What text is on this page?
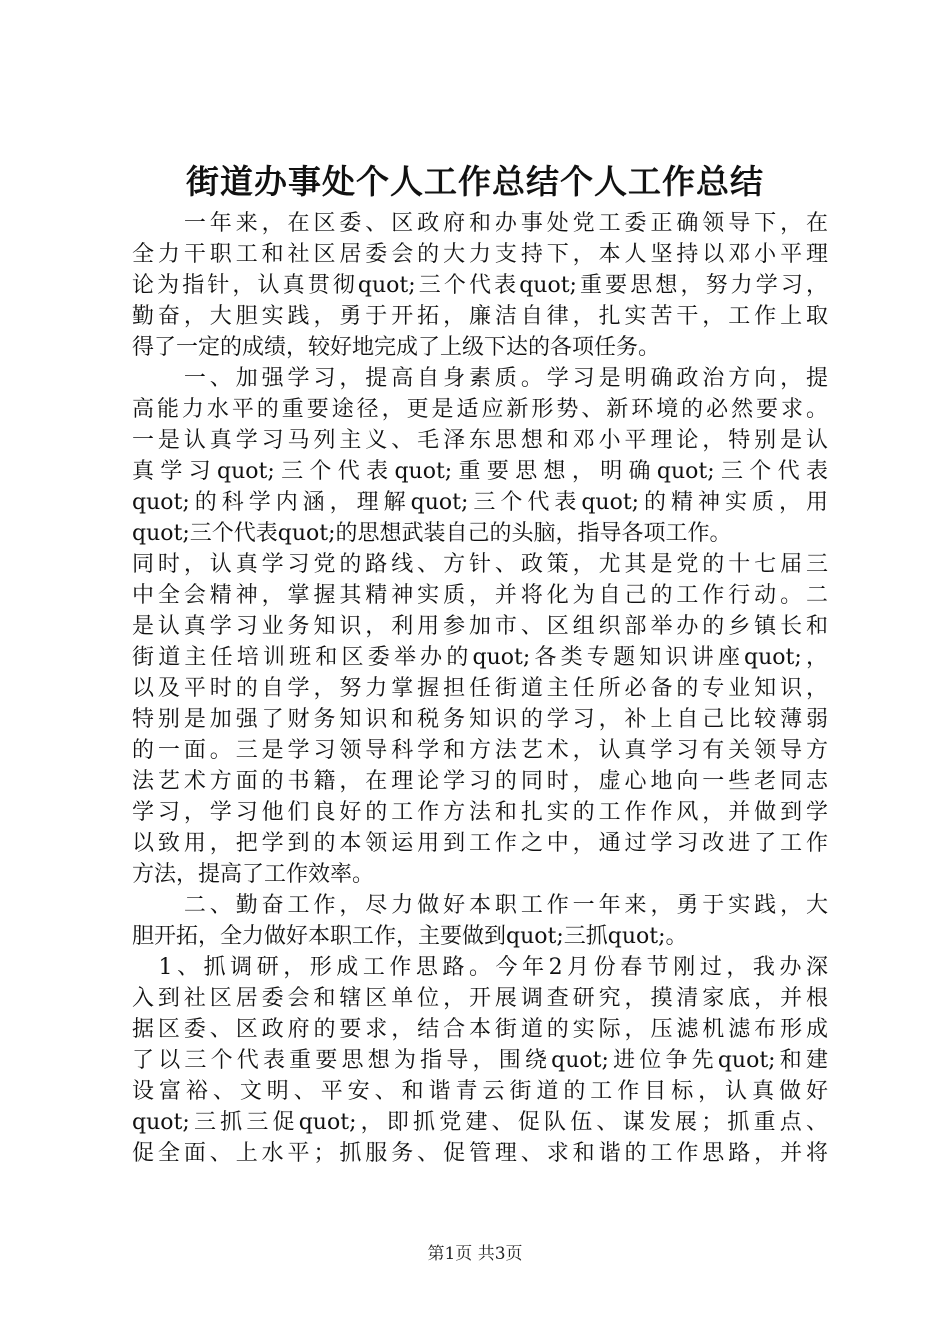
街道办事处个人工作总结个人工作总结
　　一年来，在区委、区政府和办事处党工委正确领导下，在
全力干职工和社区居委会的大力支持下，本人坚持以邓小平理
论为指针，认真贯彻quot;三个代表quot;重要思想，努力学习，
勤奋，大胆实践，勇于开拓，廉洁自律，扎实苦干，工作上取
得了一定的成绩，较好地完成了上级下达的各项任务。
　　一、加强学习，提高自身素质。学习是明确政治方向，提
高能力水平的重要途径，更是适应新形势、新环境的必然要求。
一是认真学习马列主义、毛泽东思想和邓小平理论，特别是认
真学习quot;三个代表quot;重要思想，明确quot;三个代表
quot;的科学内涵，理解quot;三个代表quot;的精神实质，用
quot;三个代表quot;的思想武装自己的头脑，指导各项工作。
同时，认真学习党的路线、方针、政策，尤其是党的十七届三
中全会精神，掌握其精神实质，并将化为自己的工作行动。二
是认真学习业务知识，利用参加市、区组织部举办的乡镇长和
街道主任培训班和区委举办的quot;各类专题知识讲座quot;，
以及平时的自学，努力掌握担任街道主任所必备的专业知识，
特别是加强了财务知识和税务知识的学习，补上自己比较薄弱
的一面。三是学习领导科学和方法艺术，认真学习有关领导方
法艺术方面的书籍，在理论学习的同时，虚心地向一些老同志
学习，学习他们良好的工作方法和扎实的工作作风，并做到学
以致用，把学到的本领运用到工作之中，通过学习改进了工作
方法，提高了工作效率。
　　二、勤奋工作，尽力做好本职工作一年来，勇于实践，大
胆开拓，全力做好本职工作，主要做到quot;三抓quot;。
　1、抓调研，形成工作思路。今年2月份春节刚过，我办深
入到社区居委会和辖区单位，开展调查研究，摸清家底，并根
据区委、区政府的要求，结合本街道的实际，压滤机滤布形成
了以三个代表重要思想为指导，围绕quot;进位争先quot;和建
设富裕、文明、平安、和谐青云街道的工作目标，认真做好
quot;三抓三促quot;，即抓党建、促队伍、谋发展；抓重点、
促全面、上水平；抓服务、促管理、求和谐的工作思路，并将
第1页 共3页
